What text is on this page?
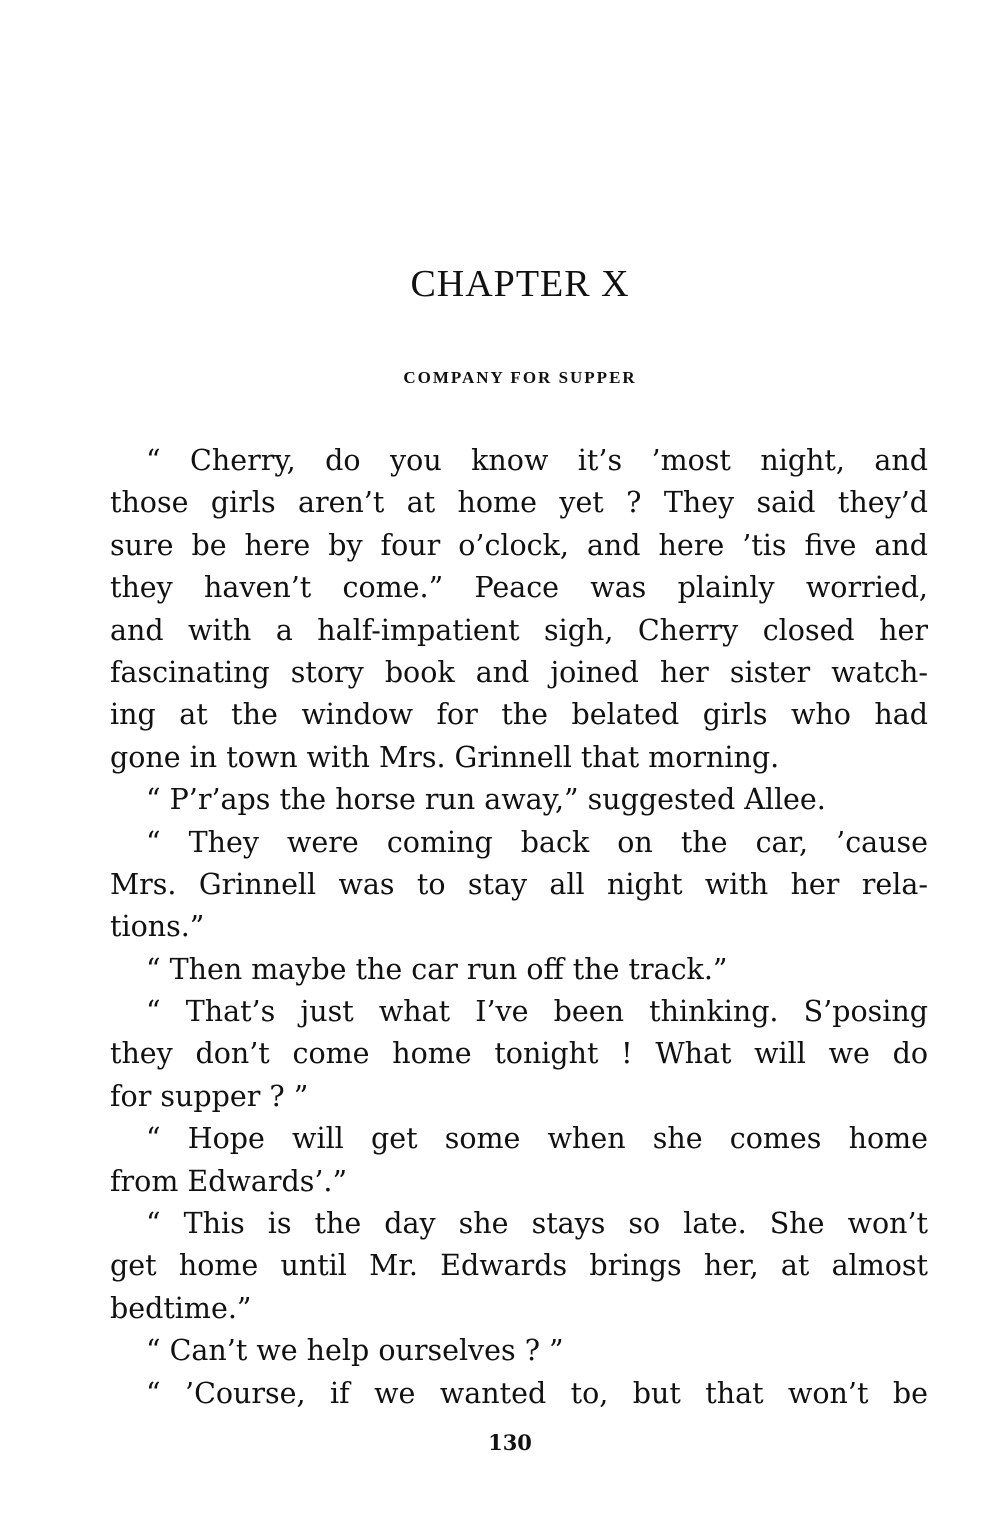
CHAPTER X
COMPANY FOR SUPPER
“ Cherry, do you know it’s ’most night, and
those girls aren’t at home yet ? They said they’d
sure be here by four o’clock, and here ’tis five and
they haven’t come.” Peace was plainly worried,
and with a half-impatient sigh, Cherry closed her
fascinating story book and joined her sister watch-
ing at the window for the belated girls who had
gone in town with Mrs. Grinnell that morning.
“ P’r’aps the horse run away,” suggested Allee.
“ They were coming back on the car, ’cause
Mrs. Grinnell was to stay all night with her rela-
tions.”
“ Then maybe the car run off the track.”
“ That’s just what I’ve been thinking. S’posing
they don’t come home tonight ! What will we do
for supper ? ”
“ Hope will get some when she comes home
from Edwards’.”
“ This is the day she stays so late. She won’t
get home until Mr. Edwards brings her, at almost
bedtime.”
“ Can’t we help ourselves ? ”
“ ’Course, if we wanted to, but that won’t be
130
